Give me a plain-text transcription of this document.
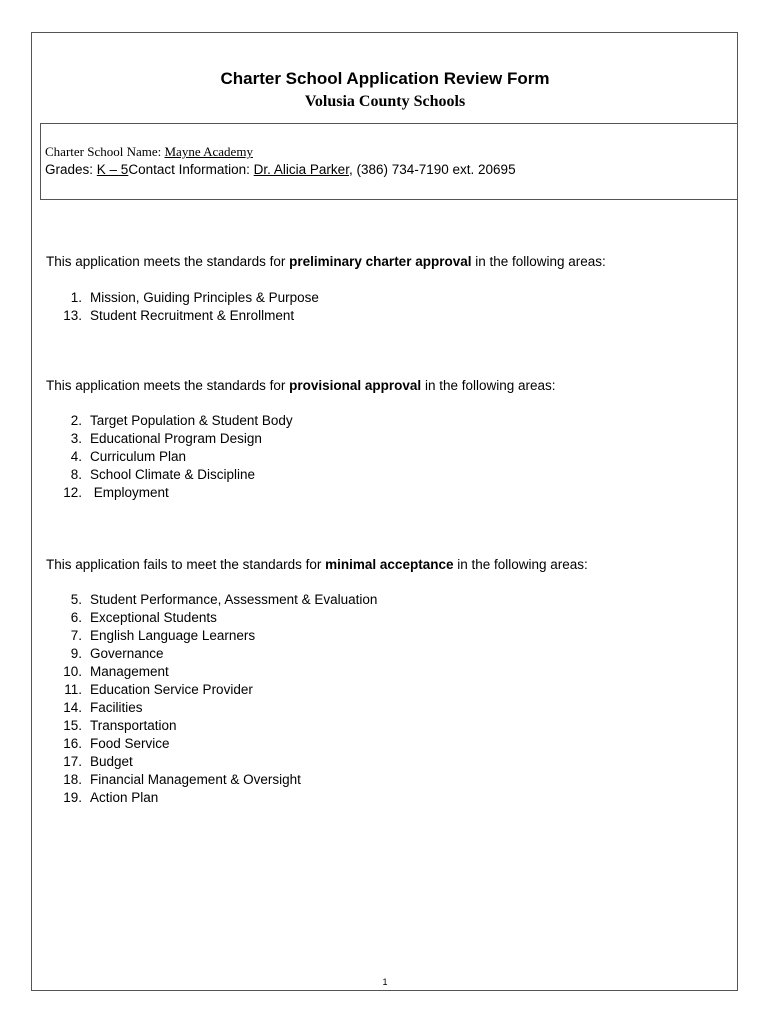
Charter School Application Review Form
Volusia County Schools
Charter School Name: Mayne Academy
Grades: K – 5Contact Information: Dr. Alicia Parker, (386) 734-7190 ext. 20695
This application meets the standards for preliminary charter approval in the following areas:
1. Mission, Guiding Principles & Purpose
13. Student Recruitment & Enrollment
This application meets the standards for provisional approval in the following areas:
2. Target Population & Student Body
3. Educational Program Design
4. Curriculum Plan
8. School Climate & Discipline
12. Employment
This application fails to meet the standards for minimal acceptance in the following areas:
5. Student Performance, Assessment & Evaluation
6. Exceptional Students
7. English Language Learners
9. Governance
10. Management
11. Education Service Provider
14. Facilities
15. Transportation
16. Food Service
17. Budget
18. Financial Management & Oversight
19. Action Plan
1
